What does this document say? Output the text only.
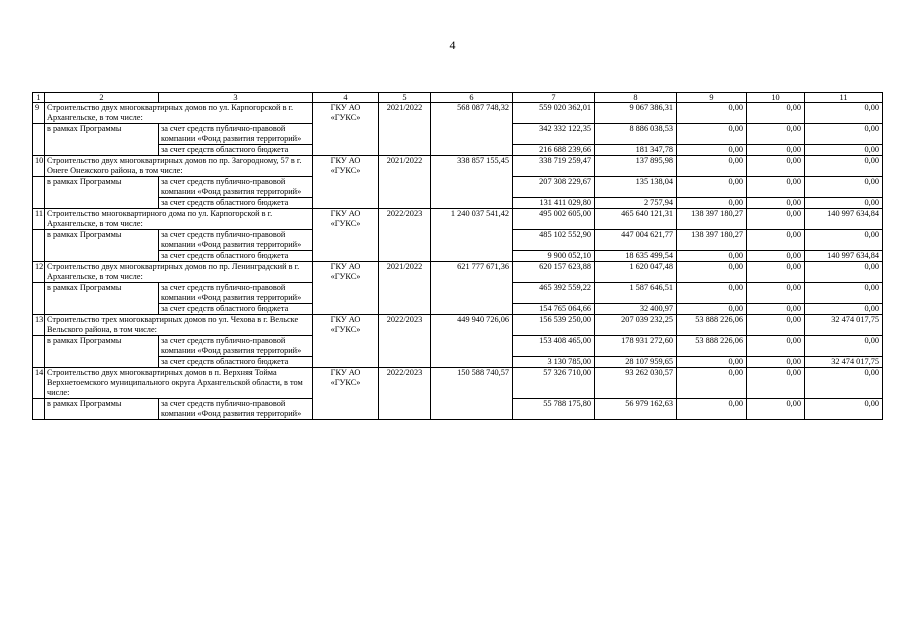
4
1	2	3	4	5	6	7	8	9	10	11
9	Строительство двух многоквартирных домов по ул. Карпогорской в г. Архангельске, в том числе:		ГКУ АО «ГУКС»	2021/2022	568 087 748,32	559 020 362,01	9 067 386,31	0,00	0,00	0,00
	в рамках Программы	за счет средств публично-правовой компании «Фонд развития территорий»				342 332 122,35	8 886 038,53	0,00	0,00	0,00
		за счет средств областного бюджета				216 688 239,66	181 347,78	0,00	0,00	0,00
10	Строительство двух многоквартирных домов по пр. Загородному, 57 в г. Онеге Онежского района, в том числе:		ГКУ АО «ГУКС»	2021/2022	338 857 155,45	338 719 259,47	137 895,98	0,00	0,00	0,00
	в рамках Программы	за счет средств публично-правовой компании «Фонд развития территорий»				207 308 229,67	135 138,04	0,00	0,00	0,00
		за счет средств областного бюджета				131 411 029,80	2 757,94	0,00	0,00	0,00
11	Строительство многоквартирного дома по ул. Карпогорской в г. Архангельске, в том числе:		ГКУ АО «ГУКС»	2022/2023	1 240 037 541,42	495 002 605,00	465 640 121,31	138 397 180,27	0,00	140 997 634,84
	в рамках Программы	за счет средств публично-правовой компании «Фонд развития территорий»				485 102 552,90	447 004 621,77	138 397 180,27	0,00	0,00
		за счет средств областного бюджета				9 900 052,10	18 635 499,54	0,00	0,00	140 997 634,84
12	Строительство двух многоквартирных домов по пр. Ленинградский в г. Архангельске, в том числе:		ГКУ АО «ГУКС»	2021/2022	621 777 671,36	620 157 623,88	1 620 047,48	0,00	0,00	0,00
	в рамках Программы	за счет средств публично-правовой компании «Фонд развития территорий»				465 392 559,22	1 587 646,51	0,00	0,00	0,00
		за счет средств областного бюджета				154 765 064,66	32 400,97	0,00	0,00	0,00
13	Строительство трех многоквартирных домов по ул. Чехова в г. Вельске Вельского района, в том числе:		ГКУ АО «ГУКС»	2022/2023	449 940 726,06	156 539 250,00	207 039 232,25	53 888 226,06	0,00	32 474 017,75
	в рамках Программы	за счет средств публично-правовой компании «Фонд развития территорий»				153 408 465,00	178 931 272,60	53 888 226,06	0,00	0,00
		за счет средств областного бюджета				3 130 785,00	28 107 959,65	0,00	0,00	32 474 017,75
14	Строительство двух многоквартирных домов в п. Верхняя Тойма Верхнетоемского муниципального округа Архангельской области, в том числе:		ГКУ АО «ГУКС»	2022/2023	150 588 740,57	57 326 710,00	93 262 030,57	0,00	0,00	0,00
	в рамках Программы	за счет средств публично-правовой компании «Фонд развития территорий»				55 788 175,80	56 979 162,63	0,00	0,00	0,00
